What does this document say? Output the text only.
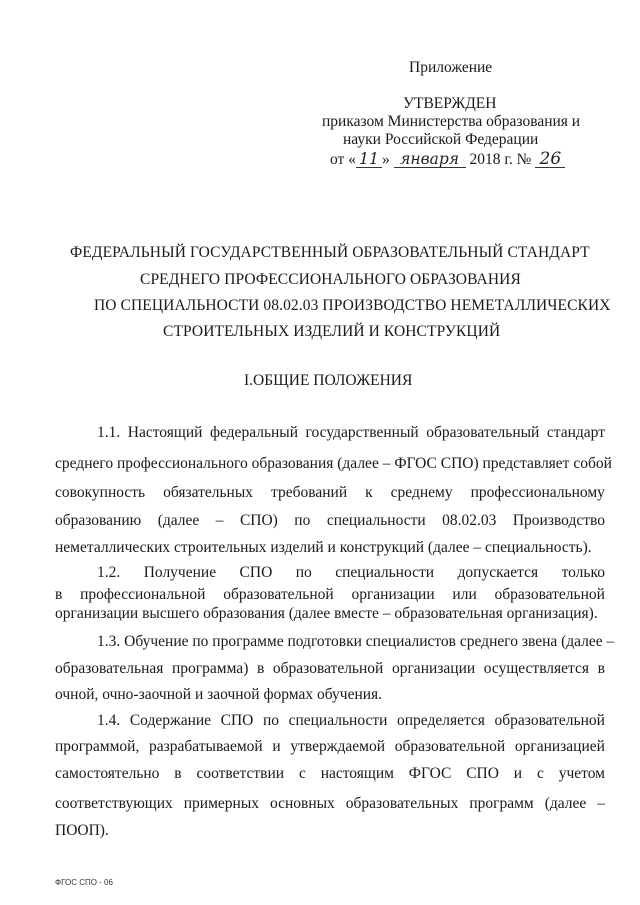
Приложение
УТВЕРЖДЕН
приказом Министерства образования и
науки Российской Федерации
от « 11 » января 2018 г. № 26
ФЕДЕРАЛЬНЫЙ ГОСУДАРСТВЕННЫЙ ОБРАЗОВАТЕЛЬНЫЙ СТАНДАРТ
СРЕДНЕГО ПРОФЕССИОНАЛЬНОГО ОБРАЗОВАНИЯ
ПО СПЕЦИАЛЬНОСТИ 08.02.03 ПРОИЗВОДСТВО НЕМЕТАЛЛИЧЕСКИХ
СТРОИТЕЛЬНЫХ ИЗДЕЛИЙ И КОНСТРУКЦИЙ
I.ОБЩИЕ ПОЛОЖЕНИЯ
1.1. Настоящий федеральный государственный образовательный стандарт
среднего профессионального образования (далее – ФГОС СПО) представляет собой
совокупность обязательных требований к среднему профессиональному
образованию (далее – СПО) по специальности 08.02.03 Производство
неметаллических строительных изделий и конструкций (далее – специальность).
1.2. Получение СПО по специальности допускается только
в профессиональной образовательной организации или образовательной
организации высшего образования (далее вместе – образовательная организация).
1.3. Обучение по программе подготовки специалистов среднего звена (далее –
образовательная программа) в образовательной организации осуществляется в
очной, очно-заочной и заочной формах обучения.
1.4. Содержание СПО по специальности определяется образовательной
программой, разрабатываемой и утверждаемой образовательной организацией
самостоятельно в соответствии с настоящим ФГОС СПО и с учетом
соответствующих примерных основных образовательных программ (далее –
ПООП).
ФГОС СПО - 06
